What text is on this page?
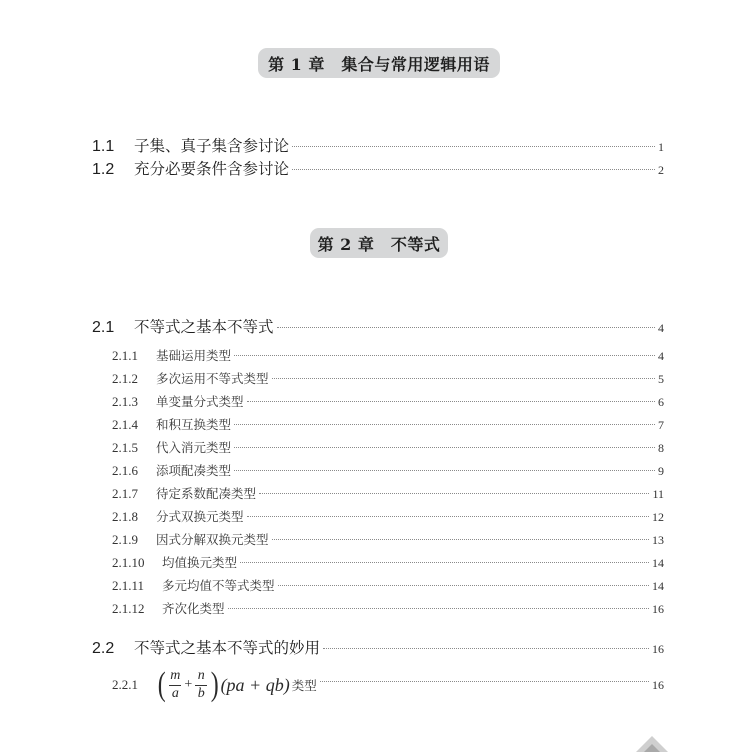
第 1 章　集合与常用逻辑用语
1.1	子集、真子集含参讨论	1
1.2	充分必要条件含参讨论	2
第 2 章　不等式
2.1	不等式之基本不等式	4
2.1.1	基础运用类型	4
2.1.2	多次运用不等式类型	5
2.1.3	单变量分式类型	6
2.1.4	和积互换类型	7
2.1.5	代入消元类型	8
2.1.6	添项配凑类型	9
2.1.7	待定系数配凑类型	11
2.1.8	分式双换元类型	12
2.1.9	因式分解双换元类型	13
2.1.10	均值换元类型	14
2.1.11	多元均值不等式类型	14
2.1.12	齐次化类型	16
2.2	不等式之基本不等式的妙用	16
2.2.1 ( $\frac{m}{a} + \frac{n}{b}$ ) (pa + qb) 类型	16
